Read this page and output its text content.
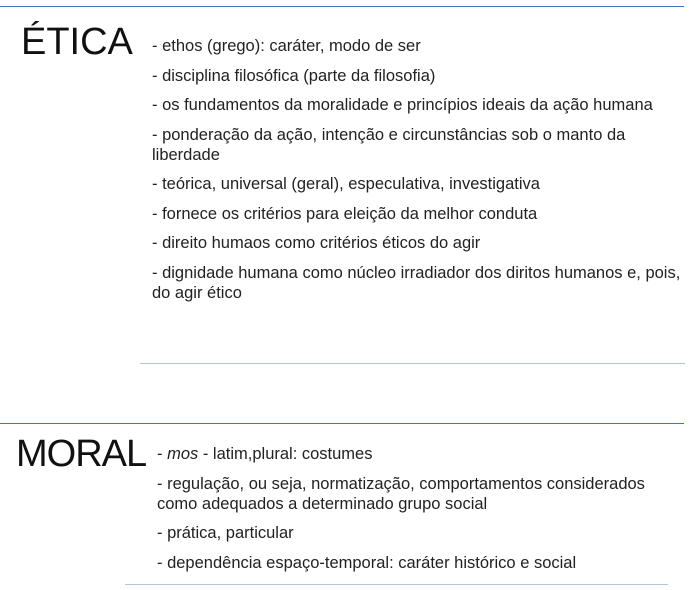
ÉTICA - ethos (grego): caráter, modo de ser
- disciplina filosófica (parte da filosofia)
- os fundamentos da moralidade e princípios ideais da ação humana
- ponderação da ação, intenção e circunstâncias sob o manto da liberdade
- teórica, universal (geral), especulativa, investigativa
- fornece os critérios para eleição da melhor conduta
- direito humaos como critérios éticos do agir
- dignidade humana como núcleo irradiador dos diritos humanos e, pois, do agir ético
MORAL - mos - latim,plural: costumes
- regulação, ou seja, normatização, comportamentos considerados como adequados a determinado grupo social
- prática, particular
- dependência espaço-temporal: caráter histórico e social
